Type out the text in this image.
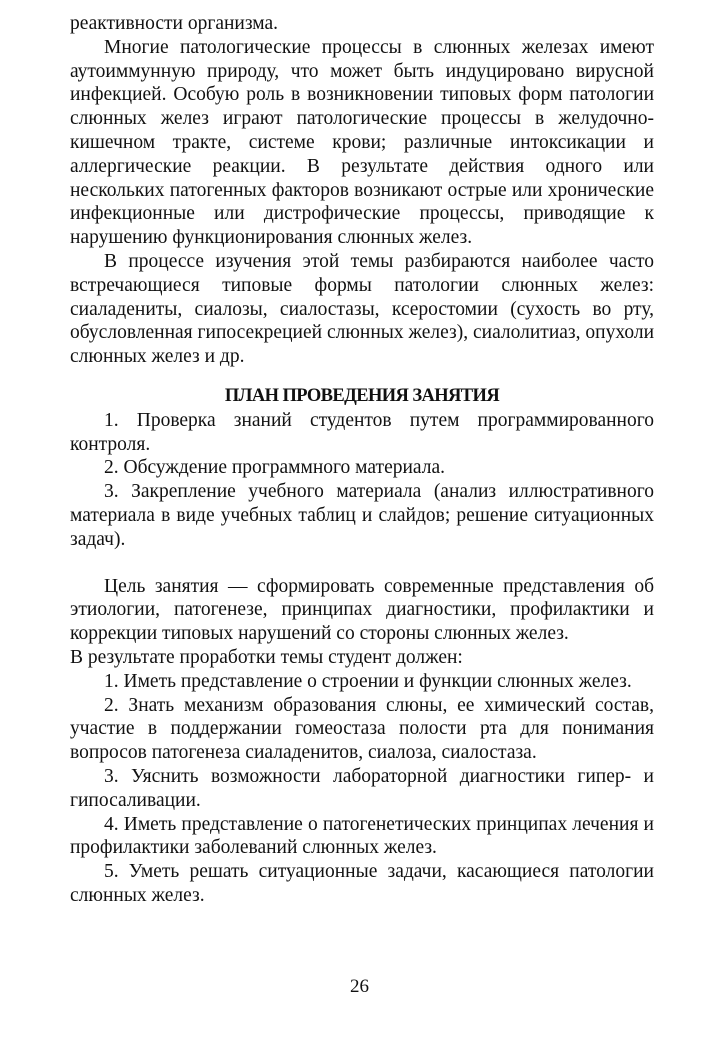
реактивности организма.

Многие патологические процессы в слюнных железах имеют аутоиммунную природу, что может быть индуцировано вирусной инфекцией. Особую роль в возникновении типовых форм патологии слюнных желез играют патологические процессы в желудочно-кишечном тракте, системе крови; различные интоксикации и аллергические реакции. В результате действия одного или нескольких патогенных факторов возникают острые или хронические инфекционные или дистрофические процессы, приводящие к нарушению функционирования слюнных желез.

В процессе изучения этой темы разбираются наиболее часто встречающиеся типовые формы патологии слюнных желез: сиаладениты, сиалозы, сиалостазы, ксеростомии (сухость во рту, обусловленная гипосекрецией слюнных желез), сиалолитиаз, опухоли слюнных желез и др.

ПЛАН ПРОВЕДЕНИЯ ЗАНЯТИЯ

1. Проверка знаний студентов путем программированного контроля.

2. Обсуждение программного материала.

3. Закрепление учебного материала (анализ иллюстративного материала в виде учебных таблиц и слайдов; решение ситуационных задач).

Цель занятия — сформировать современные представления об этиологии, патогенезе, принципах диагностики, профилактики и коррекции типовых нарушений со стороны слюнных желез.

В результате проработки темы студент должен:

1. Иметь представление о строении и функции слюнных желез.

2. Знать механизм образования слюны, ее химический состав, участие в поддержании гомеостаза полости рта для понимания вопросов патогенеза сиаладенитов, сиалоза, сиалостаза.

3. Уяснить возможности лабораторной диагностики гипер- и гипосаливации.

4. Иметь представление о патогенетических принципах лечения и профилактики заболеваний слюнных желез.

5. Уметь решать ситуационные задачи, касающиеся патологии слюнных желез.

26
